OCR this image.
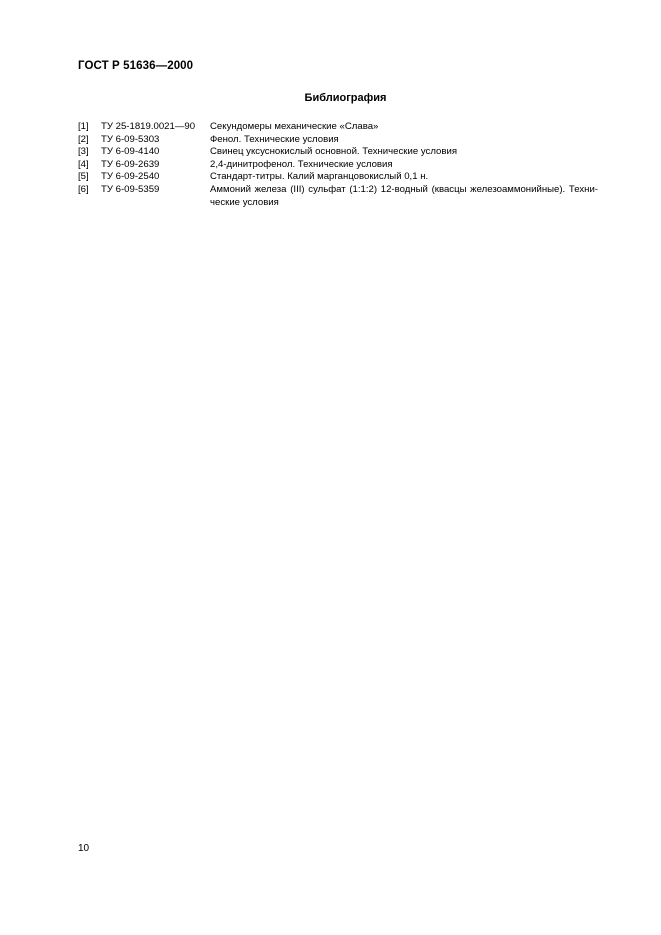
ГОСТ Р 51636—2000
Библиография
[1]	ТУ 25-1819.0021—90	Секундомеры механические «Слава»
[2]	ТУ 6-09-5303	Фенол. Технические условия
[3]	ТУ 6-09-4140	Свинец уксуснокислый основной. Технические условия
[4]	ТУ 6-09-2639	2,4-динитрофенол. Технические условия
[5]	ТУ 6-09-2540	Стандарт-титры. Калий марганцовокислый 0,1 н.
[6]	ТУ 6-09-5359	Аммоний железа (III) сульфат (1:1:2) 12-водный (квасцы железоаммонийные). Техни-ческие условия
10
